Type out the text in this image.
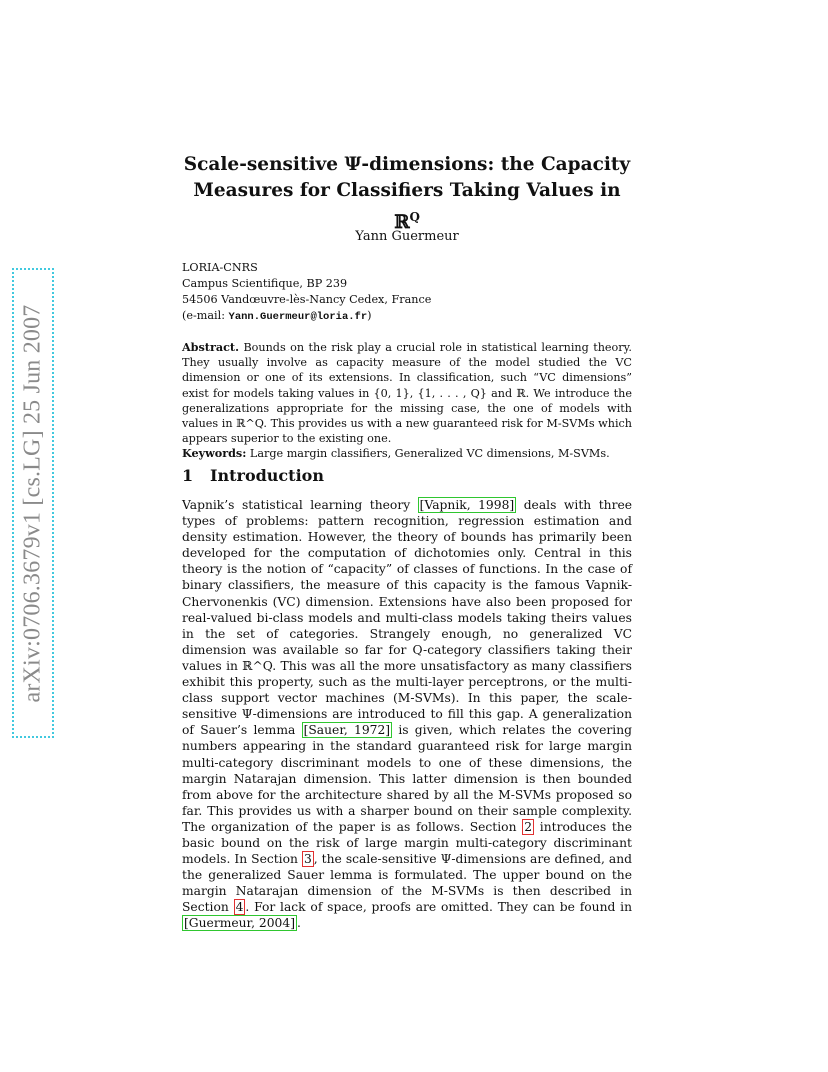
arXiv:0706.3679v1 [cs.LG] 25 Jun 2007
Scale-sensitive Ψ-dimensions: the Capacity
Measures for Classifiers Taking Values in ℝ$^Q$
Yann Guermeur
LORIA-CNRS
Campus Scientifique, BP 239
54506 Vandœuvre-lès-Nancy Cedex, France
(e-mail: Yann.Guermeur@loria.fr)
Abstract. Bounds on the risk play a crucial role in statistical learning theory. They usually involve as capacity measure of the model studied the VC dimension or one of its extensions. In classification, such “VC dimensions” exist for models taking values in {0, 1}, {1, . . . , Q} and ℝ. We introduce the generalizations appropriate for the missing case, the one of models with values in ℝ^Q. This provides us with a new guaranteed risk for M-SVMs which appears superior to the existing one.
Keywords: Large margin classifiers, Generalized VC dimensions, M-SVMs.
1 Introduction
Vapnik’s statistical learning theory [Vapnik, 1998] deals with three types of problems: pattern recognition, regression estimation and density estimation. However, the theory of bounds has primarily been developed for the computation of dichotomies only. Central in this theory is the notion of “capacity” of classes of functions. In the case of binary classifiers, the measure of this capacity is the famous Vapnik-Chervonenkis (VC) dimension. Extensions have also been proposed for real-valued bi-class models and multi-class models taking theirs values in the set of categories. Strangely enough, no generalized VC dimension was available so far for Q-category classifiers taking their values in ℝ^Q. This was all the more unsatisfactory as many classifiers exhibit this property, such as the multi-layer perceptrons, or the multi-class support vector machines (M-SVMs). In this paper, the scale-sensitive Ψ-dimensions are introduced to fill this gap. A generalization of Sauer’s lemma [Sauer, 1972] is given, which relates the covering numbers appearing in the standard guaranteed risk for large margin multi-category discriminant models to one of these dimensions, the margin Natarajan dimension. This latter dimension is then bounded from above for the architecture shared by all the M-SVMs proposed so far. This provides us with a sharper bound on their sample complexity. The organization of the paper is as follows. Section 2 introduces the basic bound on the risk of large margin multi-category discriminant models. In Section 3 , the scale-sensitive Ψ-dimensions are defined, and the generalized Sauer lemma is formulated. The upper bound on the margin Natarajan dimension of the M-SVMs is then described in Section 4 . For lack of space, proofs are omitted. They can be found in [Guermeur, 2004] .
